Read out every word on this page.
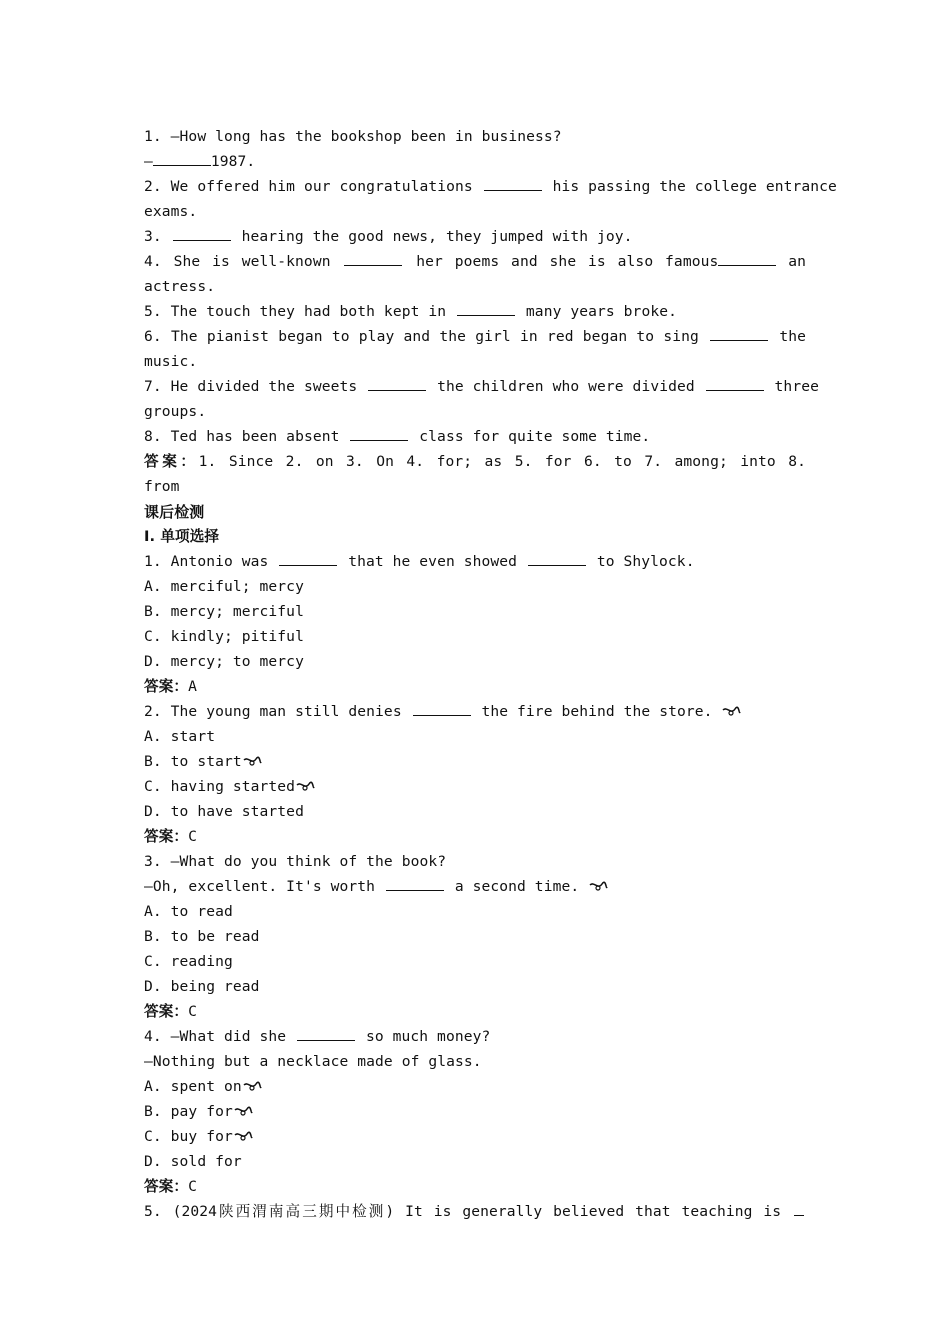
1. —How long has the bookshop been in business?
—	1987.
2. We offered him our congratulations	his passing the college entrance
exams.
3.	hearing the good news, they jumped with joy.
4. She is well-known	her poems and she is also famous	an
actress.
5. The touch they had both kept in	many years broke.
6. The pianist began to play and the girl in red began to sing	the
music.
7. He divided the sweets	the children who were divided	three
groups.
8. Ted has been absent	class for quite some time.
答案：1. Since 2. on 3. On 4. for; as 5. for 6. to 7. among; into 8.
from
课后检测
Ⅰ. 单项选择
1. Antonio was	that he even showed	to Shylock.
A. merciful; mercy
B. mercy; merciful
C. kindly; pitiful
D. mercy; to mercy
答案：A
2. The young man still denies	the fire behind the store.
A. start
B. to start
C. having started
D. to have started
答案：C
3. —What do you think of the book?
—Oh, excellent. It's worth	a second time.
A. to read
B. to be read
C. reading
D. being read
答案：C
4. —What did she	so much money?
—Nothing but a necklace made of glass.
A. spent on
B. pay for
C. buy for
D. sold for
答案：C
5. (2024陕西渭南高三期中检测) It is generally believed that teaching is
